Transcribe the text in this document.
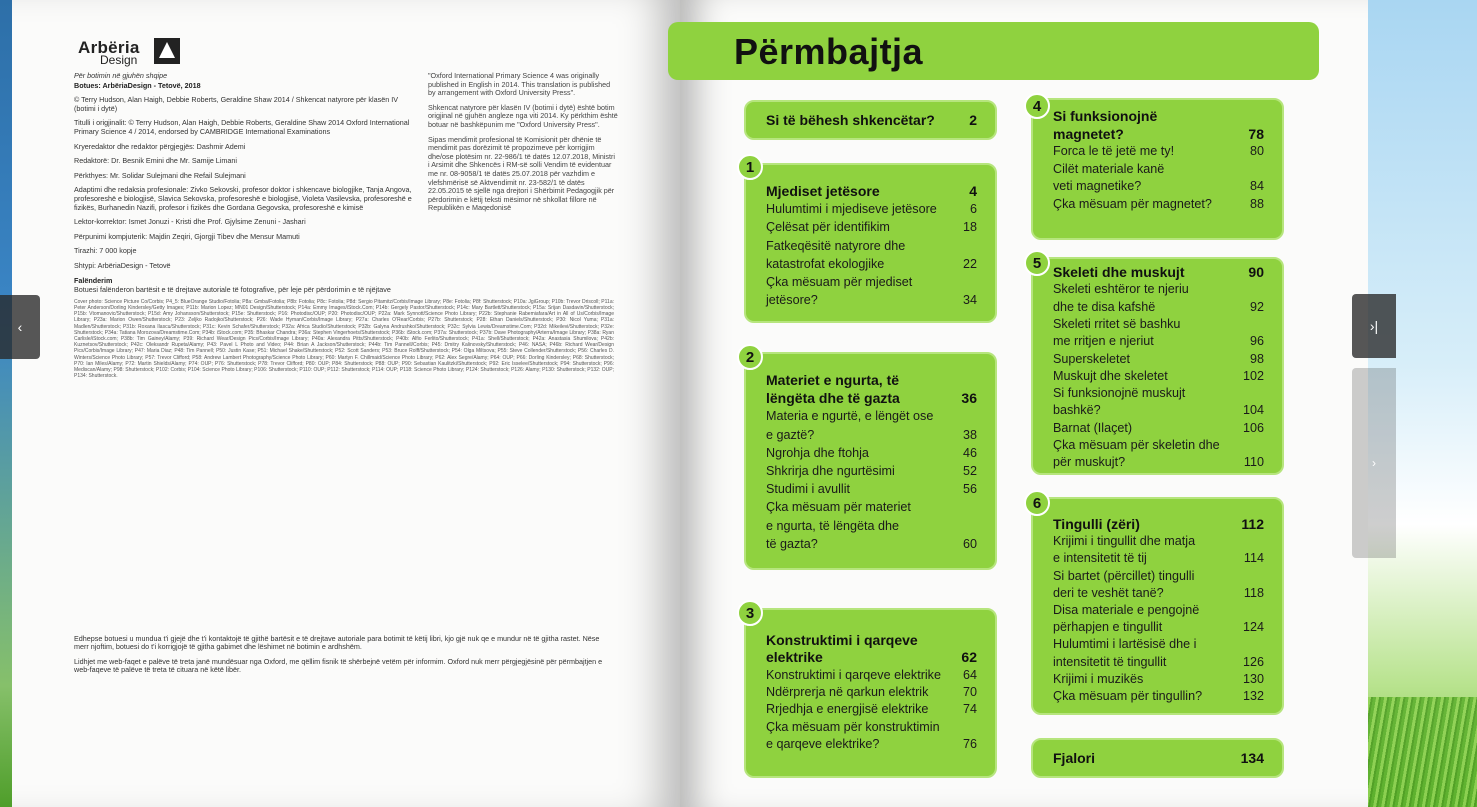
Arbëria
Design

Për botimin në gjuhën shqipe

Botues: ArbëriaDesign - Tetovë, 2018

© Terry Hudson, Alan Haigh, Debbie Roberts, Geraldine Shaw 2014 / Shkencat natyrore për klasën IV (botimi i dytë)

Titulli i origjinalit: © Terry Hudson, Alan Haigh, Debbie Roberts, Geraldine Shaw 2014 Oxford International Primary Science 4 / 2014, endorsed by CAMBRIDGE International Examinations

Kryeredaktor dhe redaktor përgjegjës: Dashmir Ademi

Redaktorë: Dr. Besnik Emini dhe Mr. Samije Limani

Përkthyes: Mr. Solidar Sulejmani dhe Refail Sulejmani

Adaptimi dhe redaksia profesionale: Zivko Sekovski, profesor doktor i shkencave biologjike, Tanja Angova, profesoreshë e biologjisë, Slavica Sekovska, profesoreshë e biologjisë, Violeta Vasilevska, profesoreshë e fizikës, Burhanedin Nazifi, profesor i fizikës dhe Gordana Gegovska, profesoreshë e kimisë

Lektor-korrektor: Ismet Jonuzi - Kristi dhe Prof. Gjylsime Zenuni - Jashari

Përpunimi kompjuterik: Majdin Zeqiri, Gjorgji Tibev dhe Mensur Mamuti

Tirazhi: 7 000 kopje

Shtypi: ArbëriaDesign - Tetovë

Falënderim

Botuesi falënderon bartësit e të drejtave autoriale të fotografive, për leje për përdorimin e të njëjtave

Cover photo: Science Picture Co/Corbis; P4_5: BlueOrange Studio/Fotolia; P8a: Gmba/Fotolia; P8b: Fotolia; P8c: Fotolia; P8d: Sergio Pitamitz/Corbis/Image Library; P8e: Fotolia; P8f: Shutterstock; P10a: JgiGroup; P10b: Trevor Driscoll; P11a: Peter Anderson/Dorling Kindersley/Getty Images; P11b: Marion Lopez; MN01 Design/Shutterstock; P14a: Emmy Images/iStock.Com; P14b: Gergely Pastor/Shutterstock; P14c: Mary Bartlett/Shutterstock; P15a: Srijan Dasdavin/Shutterstock; P15b: Vtomanovic/Shutterstock; P15d: Amy Johansson/Shutterstock; P15e: Shutterstock; P16: Photodisc/OUP; P20: Photodisc/OUP; P22a: Mark Synnott/Science Photo Library; P22b: Stephanie Rabemiafara/Art in All of Us/Corbis/Image Library; P23a: Marion Owen/Shutterstock; P23: Zeljko Radojko/Shutterstock; P26: Wade Hyman/Corbis/Image Library; P27a: Charles O'Rear/Corbis; P27b: Shutterstock; P28: Ethan Daniels/Shutterstock; P30: Nicol Yuma; P31a: Madlen/Shutterstock; P31b: Roxana Ilascu/Shutterstock; P31c: Kevin Schafer/Shutterstock; P32a: Africa Studio/Shutterstock; P32b: Galyna Andrushko/Shutterstock; P32c: Sylvia Lewis/Dreamstime.Com; P32d: Mikeilevi/Shutterstock; P32e: Shutterstock; P34a: Tatiana Morozova/Dreamstime.Com; P34b: iStock.com; P35: Bhaskar Chandra; P36a: Stephen Vingerhoets/Shutterstock; P36b: iStock.com; P37a: Shutterstock; P37b: Dave Photography/Arterra/Image Library; P38a: Ryan Carlisle/iStock.com; P38b: Tim Gainey/Alamy; P39: Richard Wear/Design Pics/Corbis/Image Library; P40a: Alexandra Pitts/Shutterstock; P40b: Alfio Ferlito/Shutterstock; P41a: Shell/Shutterstock; P42a: Anastasia Shumilova; P42b: Kuznetsov/Shutterstock; P42c: Oleksandr Rupeta/Alamy; P43: Pavel L Photo and Video; P44: Brian A Jackson/Shutterstock; P44b: Tim Pannell/Corbis; P45: Dmitry Kalinovsky/Shutterstock; P46: NASA; P46b: Richard Wear/Design Pics/Corbis/Image Library; P47: Maria Diaz; P48: Tim Pannell; P50: Justin Kase; P51: Michael Shake/Shutterstock; P52: Scott Sanders; P53: Bruce Rolff/Shutterstock; P54: Olga Miltsova; P55: Steve Collender/Shutterstock; P56: Charles D. Winters/Science Photo Library; P57: Trevor Clifford; P58: Andrew Lambert Photography/Science Photo Library; P60: Martyn F. Chillmaid/Science Photo Library; P62: Alex Segre/Alamy; P64: OUP; P66: Dorling Kindersley; P68: Shutterstock; P70: Ian Miles/Alamy; P72: Martin Shields/Alamy; P74: OUP; P76: Shutterstock; P78: Trevor Clifford; P80: OUP; P84: Shutterstock; P88: OUP; P90: Sebastian Kaulitzki/Shutterstock; P92: Eric Isselee/Shutterstock; P94: Shutterstock; P96: Mediscan/Alamy; P98: Shutterstock; P102: Corbis; P104: Science Photo Library; P106: Shutterstock; P110: OUP; P112: Shutterstock; P114: OUP; P118: Science Photo Library; P124: Shutterstock; P126: Alamy; P130: Shutterstock; P132: OUP; P134: Shutterstock.

Edhepse botuesi u mundua t'i gjejë dhe t'i kontaktojë të gjithë bartësit e të drejtave autoriale para botimit të këtij libri, kjo gjë nuk qe e mundur në të gjitha rastet. Nëse merr njoftim, botuesi do t'i korrigjojë të gjitha gabimet dhe lëshimet në botimin e ardhshëm.

Lidhjet me web-faqet e palëve të treta janë mundësuar nga Oxford, me qëllim fisnik të shërbejnë vetëm për informim. Oxford nuk merr përgjegjësinë për përmbajtjen e web-faqeve të palëve të treta të cituara në këtë libër.

"Oxford International Primary Science 4 was originally published in English in 2014. This translation is published by arrangement with Oxford University Press".

Shkencat natyrore për klasën IV (botimi i dytë) është botim origjinal në gjuhën angleze nga viti 2014. Ky përkthim është botuar në bashkëpunim me "Oxford University Press".

Sipas mendimit profesional të Komisionit për dhënie të mendimit pas dorëzimit të propozimeve për korrigjim dhe/ose plotësim nr. 22-986/1 të datës 12.07.2018, Ministri i Arsimit dhe Shkencës i RM-së solli Vendim të evidentuar me nr. 08-9058/1 të datës 25.07.2018 për vazhdim e vlefshmërisë së Aktvendimit nr. 23-582/1 të datës 22.05.2015 të sjellë nga drejtori i Shërbimit Pedagogjik për përdorimin e këtij teksti mësimor në shkollat fillore në Republikën e Maqedonisë

Përmbajtja
Si të bëhesh shkencëtar? 2
Mjediset jetësore	4
Hulumtimi i mjediseve jetësore	6
Çelësat për identifikim	18
Fatkeqësitë natyrore dhe
katastrofat ekologjike	22
Çka mësuam për mjediset
jetësore?	34
1
Materiet e ngurta, të
lëngëta dhe të gazta	36
Materia e ngurtë, e lëngët ose
e gaztë?	38
Ngrohja dhe ftohja	46
Shkrirja dhe ngurtësimi	52
Studimi i avullit	56
Çka mësuam për materiet
e ngurta, të lëngëta dhe
të gazta?	60
2
Konstruktimi i qarqeve
elektrike	62
Konstruktimi i qarqeve elektrike 64
Ndërprerja në qarkun elektrik	70
Rrjedhja e energjisë elektrike	74
Çka mësuam për konstruktimin
e qarqeve elektrike?	76
3
Si funksionojnë
magnetet?	78
Forca le të jetë me ty!	80
Cilët materiale kanë
veti magnetike?	84
Çka mësuam për magnetet?	88
4
Skeleti dhe muskujt	90
Skeleti eshtëror te njeriu
dhe te disa kafshë	92
Skeleti rritet së bashku
me rritjen e njeriut	96
Superskeletet	98
Muskujt dhe skeletet	102
Si funksionojnë muskujt
bashkë?	104
Barnat (Ilaçet)	106
Çka mësuam për skeletin dhe
për muskujt?	110
5
Tingulli (zëri)	112
Krijimi i tingullit dhe matja
e intensitetit të tij	114
Si bartet (përcillet) tingulli
deri te veshët tanë?	118
Disa materiale e pengojnë
përhapjen e tingullit	124
Hulumtimi i lartësisë dhe i
intensitetit të tingullit	126
Krijimi i muzikës	130
Çka mësuam për tingullin?	132
6
Fjalori	134
‹	›|
›
